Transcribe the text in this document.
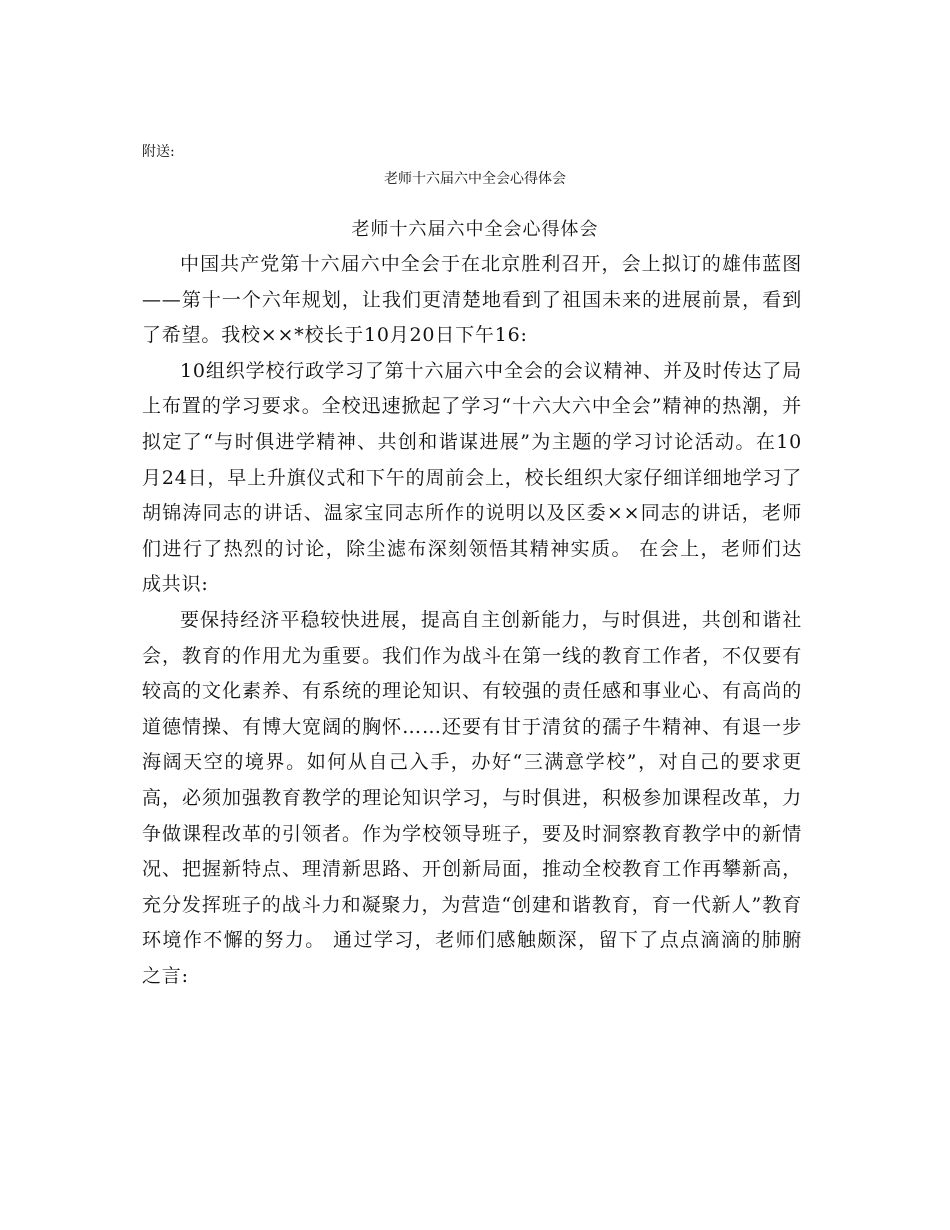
附送:
老师十六届六中全会心得体会
老师十六届六中全会心得体会

中国共产党第十六届六中全会于在北京胜利召开，会上拟订的雄伟蓝图——第十一个六年规划，让我们更清楚地看到了祖国未来的进展前景，看到了希望。我校××*校长于10月20日下午16:

10组织学校行政学习了第十六届六中全会的会议精神、并及时传达了局上布置的学习要求。全校迅速掀起了学习“十六大六中全会”精神的热潮，并拟定了“与时俱进学精神、共创和谐谋进展”为主题的学习讨论活动。在10月24日，早上升旗仪式和下午的周前会上，校长组织大家仔细详细地学习了胡锦涛同志的讲话、温家宝同志所作的说明以及区委××同志的讲话，老师们进行了热烈的讨论，除尘滤布深刻领悟其精神实质。 在会上，老师们达成共识:

要保持经济平稳较快进展，提高自主创新能力，与时俱进，共创和谐社会，教育的作用尤为重要。我们作为战斗在第一线的教育工作者，不仅要有较高的文化素养、有系统的理论知识、有较强的责任感和事业心、有高尚的道德情操、有博大宽阔的胸怀……还要有甘于清贫的孺子牛精神、有退一步海阔天空的境界。如何从自己入手，办好“三满意学校”，对自己的要求更高，必须加强教育教学的理论知识学习，与时俱进，积极参加课程改革，力争做课程改革的引领者。作为学校领导班子，要及时洞察教育教学中的新情况、把握新特点、理清新思路、开创新局面，推动全校教育工作再攀新高，充分发挥班子的战斗力和凝聚力，为营造“创建和谐教育，育一代新人”教育环境作不懈的努力。 通过学习，老师们感触颇深，留下了点点滴滴的肺腑之言:
